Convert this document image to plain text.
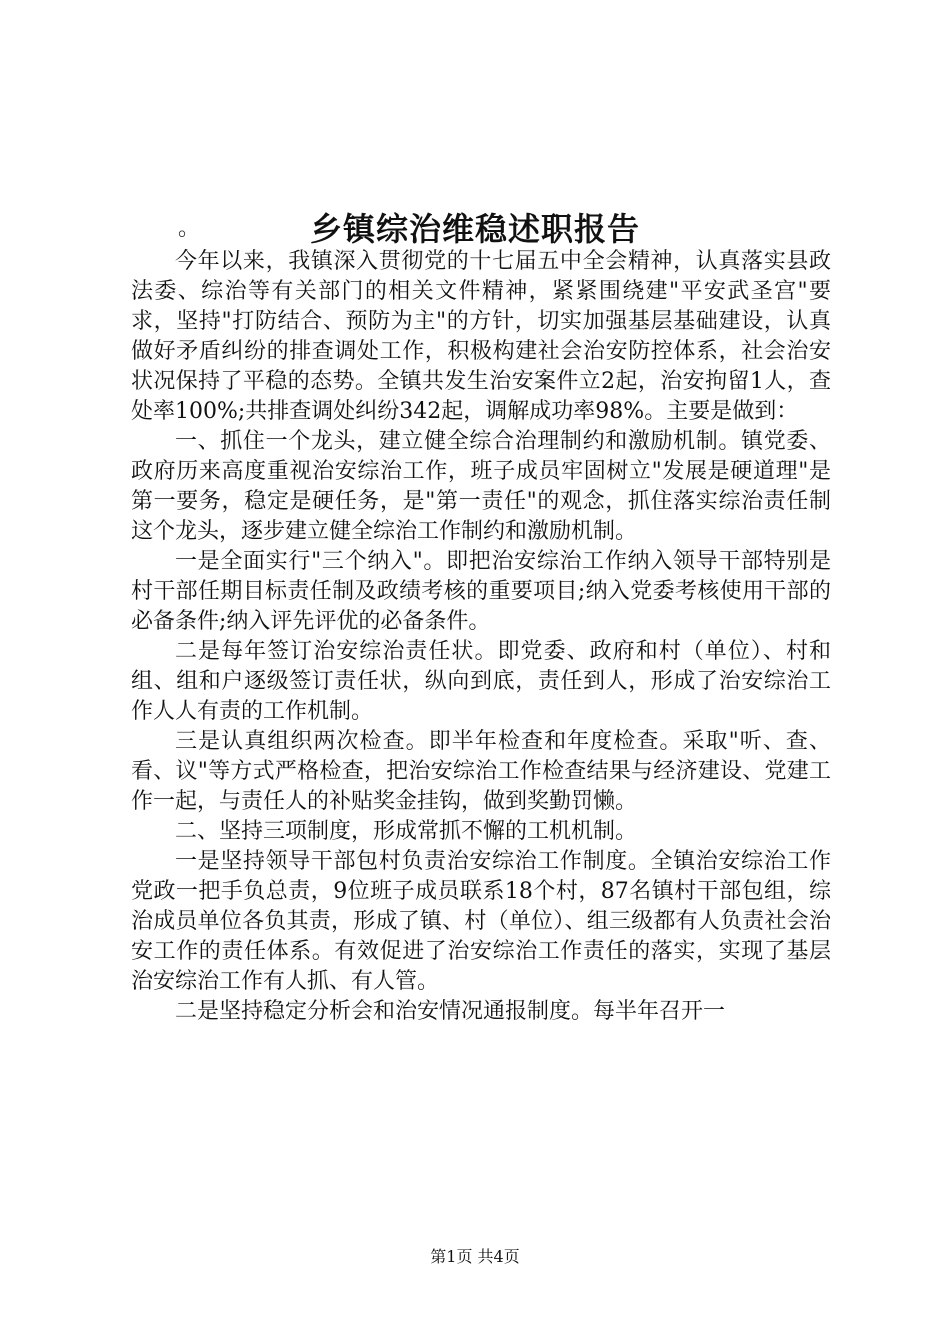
乡镇综治维稳述职报告
。

今年以来，我镇深入贯彻党的十七届五中全会精神，认真落实县政法委、综治等有关部门的相关文件精神，紧紧围绕建"平安武圣宫"要求，坚持"打防结合、预防为主"的方针，切实加强基层基础建设，认真做好矛盾纠纷的排查调处工作，积极构建社会治安防控体系，社会治安状况保持了平稳的态势。全镇共发生治安案件立2起，治安拘留1人，查处率100%;共排查调处纠纷342起，调解成功率98%。主要是做到：

一、抓住一个龙头，建立健全综合治理制约和激励机制。镇党委、政府历来高度重视治安综治工作，班子成员牢固树立"发展是硬道理"是第一要务，稳定是硬任务，是"第一责任"的观念，抓住落实综治责任制这个龙头，逐步建立健全综治工作制约和激励机制。

一是全面实行"三个纳入"。即把治安综治工作纳入领导干部特别是村干部任期目标责任制及政绩考核的重要项目;纳入党委考核使用干部的必备条件;纳入评先评优的必备条件。

二是每年签订治安综治责任状。即党委、政府和村（单位）、村和组、组和户逐级签订责任状，纵向到底，责任到人，形成了治安综治工作人人有责的工作机制。

三是认真组织两次检查。即半年检查和年度检查。采取"听、查、看、议"等方式严格检查，把治安综治工作检查结果与经济建设、党建工作一起，与责任人的补贴奖金挂钩，做到奖勤罚懒。

二、坚持三项制度，形成常抓不懈的工机机制。

一是坚持领导干部包村负责治安综治工作制度。全镇治安综治工作党政一把手负总责，9位班子成员联系18个村，87名镇村干部包组，综治成员单位各负其责，形成了镇、村（单位）、组三级都有人负责社会治安工作的责任体系。有效促进了治安综治工作责任的落实，实现了基层治安综治工作有人抓、有人管。

二是坚持稳定分析会和治安情况通报制度。每半年召开一

第1页 共4页
